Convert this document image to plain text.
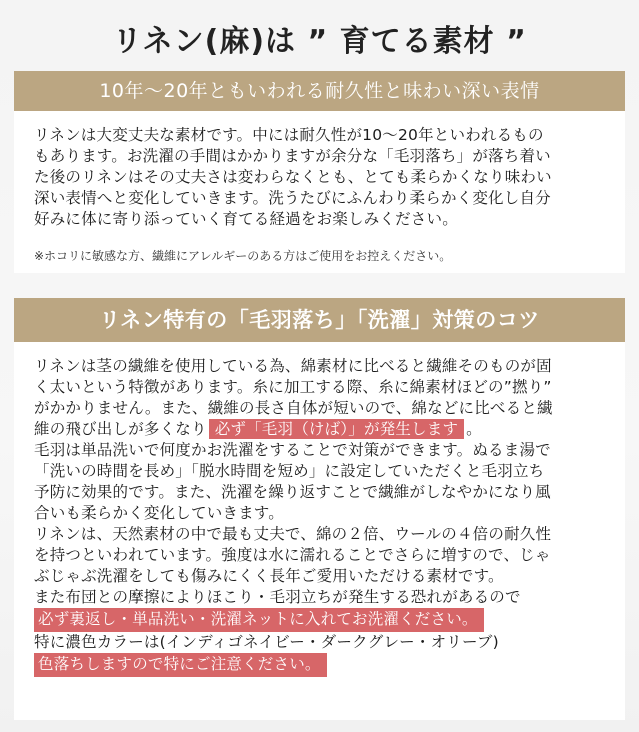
リネン(麻)は ” 育てる素材 ”
10年～20年ともいわれる耐久性と味わい深い表情
リネンは大変丈夫な素材です。中には耐久性が10～20年といわれるもの
もあります。お洗濯の手間はかかりますが余分な「毛羽落ち」が落ち着い
た後のリネンはその丈夫さは変わらなくとも、とても柔らかくなり味わい
深い表情へと変化していきます。洗うたびにふんわり柔らかく変化し自分
好みに体に寄り添っていく育てる経過をお楽しみください。
※ホコリに敏感な方、繊維にアレルギーのある方はご使用をお控えください。
リネン特有の「毛羽落ち」「洗濯」対策のコツ
リネンは茎の繊維を使用している為、綿素材に比べると繊維そのものが固
く太いという特徴があります。糸に加工する際、糸に綿素材ほどの”撚り”
がかかりません。また、繊維の長さ自体が短いので、綿などに比べると繊
維の飛び出しが多くなり 必ず「毛羽（けば）」が発生します 。
毛羽は単品洗いで何度かお洗濯をすることで対策ができます。ぬるま湯で
「洗いの時間を長め」「脱水時間を短め」に設定していただくと毛羽立ち
予防に効果的です。また、洗濯を繰り返すことで繊維がしなやかになり風
合いも柔らかく変化していきます。
リネンは、天然素材の中で最も丈夫で、綿の２倍、ウールの４倍の耐久性
を持つといわれています。強度は水に濡れることでさらに増すので、じゃ
ぶじゃぶ洗濯をしても傷みにくく長年ご愛用いただける素材です。
また布団との摩擦によりほこり・毛羽立ちが発生する恐れがあるので
必ず裏返し・単品洗い・洗濯ネットに入れてお洗濯ください。
特に濃色カラーは(インディゴネイビー・ダークグレー・オリーブ)
色落ちしますので特にご注意ください。
